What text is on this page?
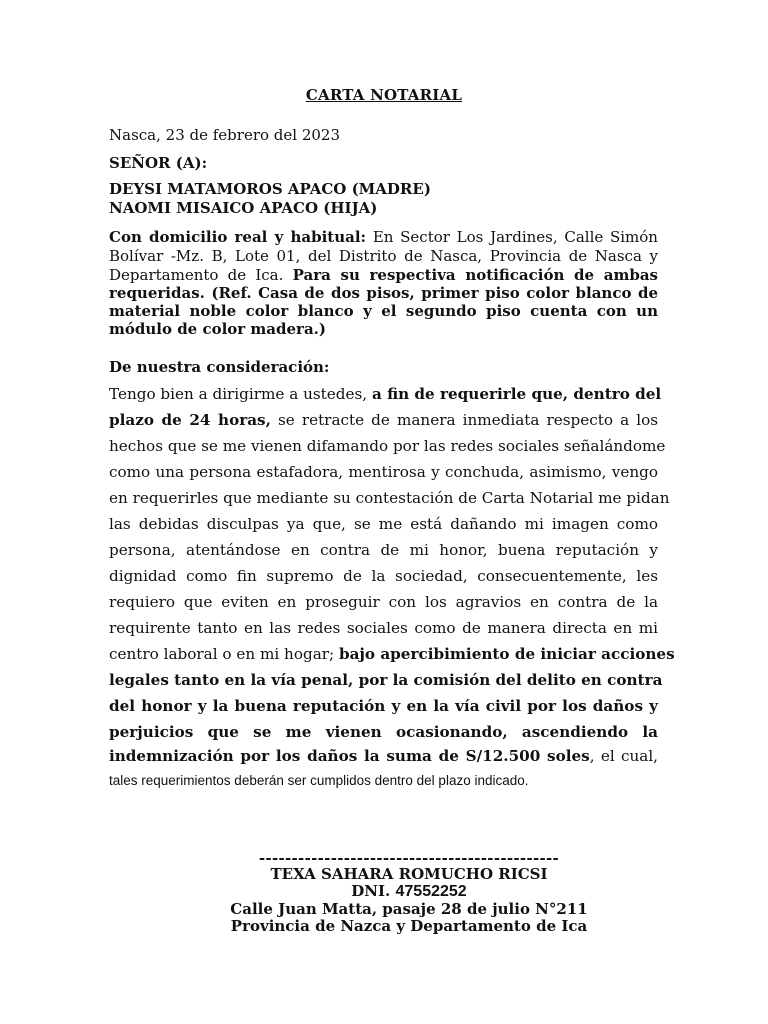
CARTA NOTARIAL
Nasca, 23 de febrero del 2023
SEÑOR (A):
DEYSI MATAMOROS APACO (MADRE)
NAOMI MISAICO APACO (HIJA)
Con domicilio real y habitual: En Sector Los Jardines, Calle Simón
Bolívar -Mz. B, Lote 01, del Distrito de Nasca, Provincia de Nasca y
Departamento de Ica. Para su respectiva notificación de ambas
requeridas. (Ref. Casa de dos pisos, primer piso color blanco de
material noble color blanco y el segundo piso cuenta con un
módulo de color madera.)
De nuestra consideración:
Tengo bien a dirigirme a ustedes, a fin de requerirle que, dentro del
plazo de 24 horas, se retracte de manera inmediata respecto a los
hechos que se me vienen difamando por las redes sociales señalándome
como una persona estafadora, mentirosa y conchuda, asimismo, vengo
en requerirles que mediante su contestación de Carta Notarial me pidan
las debidas disculpas ya que, se me está dañando mi imagen como
persona, atentándose en contra de mi honor, buena reputación y
dignidad como fin supremo de la sociedad, consecuentemente, les
requiero que eviten en proseguir con los agravios en contra de la
requirente tanto en las redes sociales como de manera directa en mi
centro laboral o en mi hogar; bajo apercibimiento de iniciar acciones
legales tanto en la vía penal, por la comisión del delito en contra
del honor y la buena reputación y en la vía civil por los daños y
perjuicios que se me vienen ocasionando, ascendiendo la
indemnización por los daños la suma de S/12.500 soles, el cual,
tales requerimientos deberán ser cumplidos dentro del plazo indicado.
----------------------------------------------
TEXA SAHARA ROMUCHO RICSI
DNI. 47552252
Calle Juan Matta, pasaje 28 de julio N°211
Provincia de Nazca y Departamento de Ica
